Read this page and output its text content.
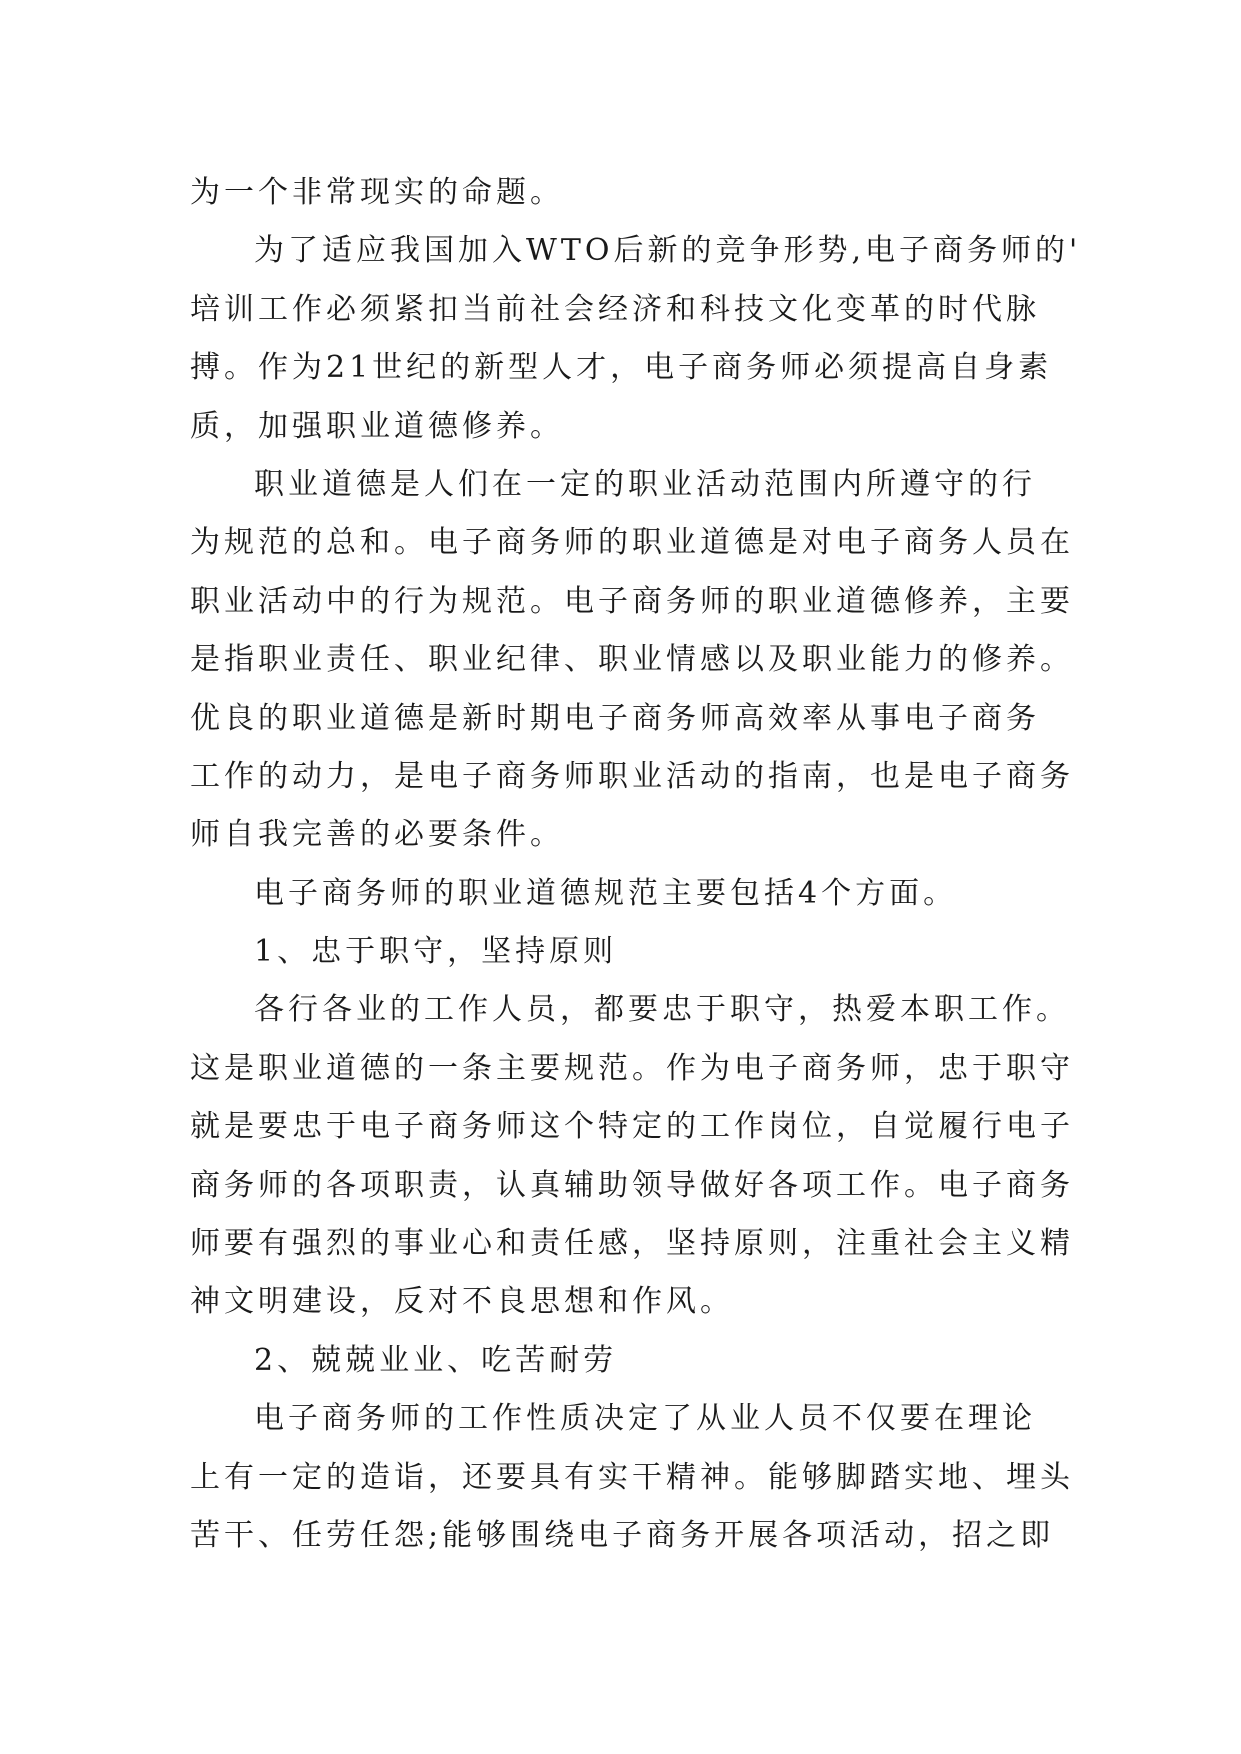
为一个非常现实的命题。
为了适应我国加入WTO后新的竞争形势,电子商务师的'
培训工作必须紧扣当前社会经济和科技文化变革的时代脉
搏。作为21世纪的新型人才，电子商务师必须提高自身素
质，加强职业道德修养。
职业道德是人们在一定的职业活动范围内所遵守的行
为规范的总和。电子商务师的职业道德是对电子商务人员在
职业活动中的行为规范。电子商务师的职业道德修养，主要
是指职业责任、职业纪律、职业情感以及职业能力的修养。
优良的职业道德是新时期电子商务师高效率从事电子商务
工作的动力，是电子商务师职业活动的指南，也是电子商务
师自我完善的必要条件。
电子商务师的职业道德规范主要包括4个方面。
1、忠于职守，坚持原则
各行各业的工作人员，都要忠于职守，热爱本职工作。
这是职业道德的一条主要规范。作为电子商务师，忠于职守
就是要忠于电子商务师这个特定的工作岗位，自觉履行电子
商务师的各项职责，认真辅助领导做好各项工作。电子商务
师要有强烈的事业心和责任感，坚持原则，注重社会主义精
神文明建设，反对不良思想和作风。
2、兢兢业业、吃苦耐劳
电子商务师的工作性质决定了从业人员不仅要在理论
上有一定的造诣，还要具有实干精神。能够脚踏实地、埋头
苦干、任劳任怨;能够围绕电子商务开展各项活动，招之即
